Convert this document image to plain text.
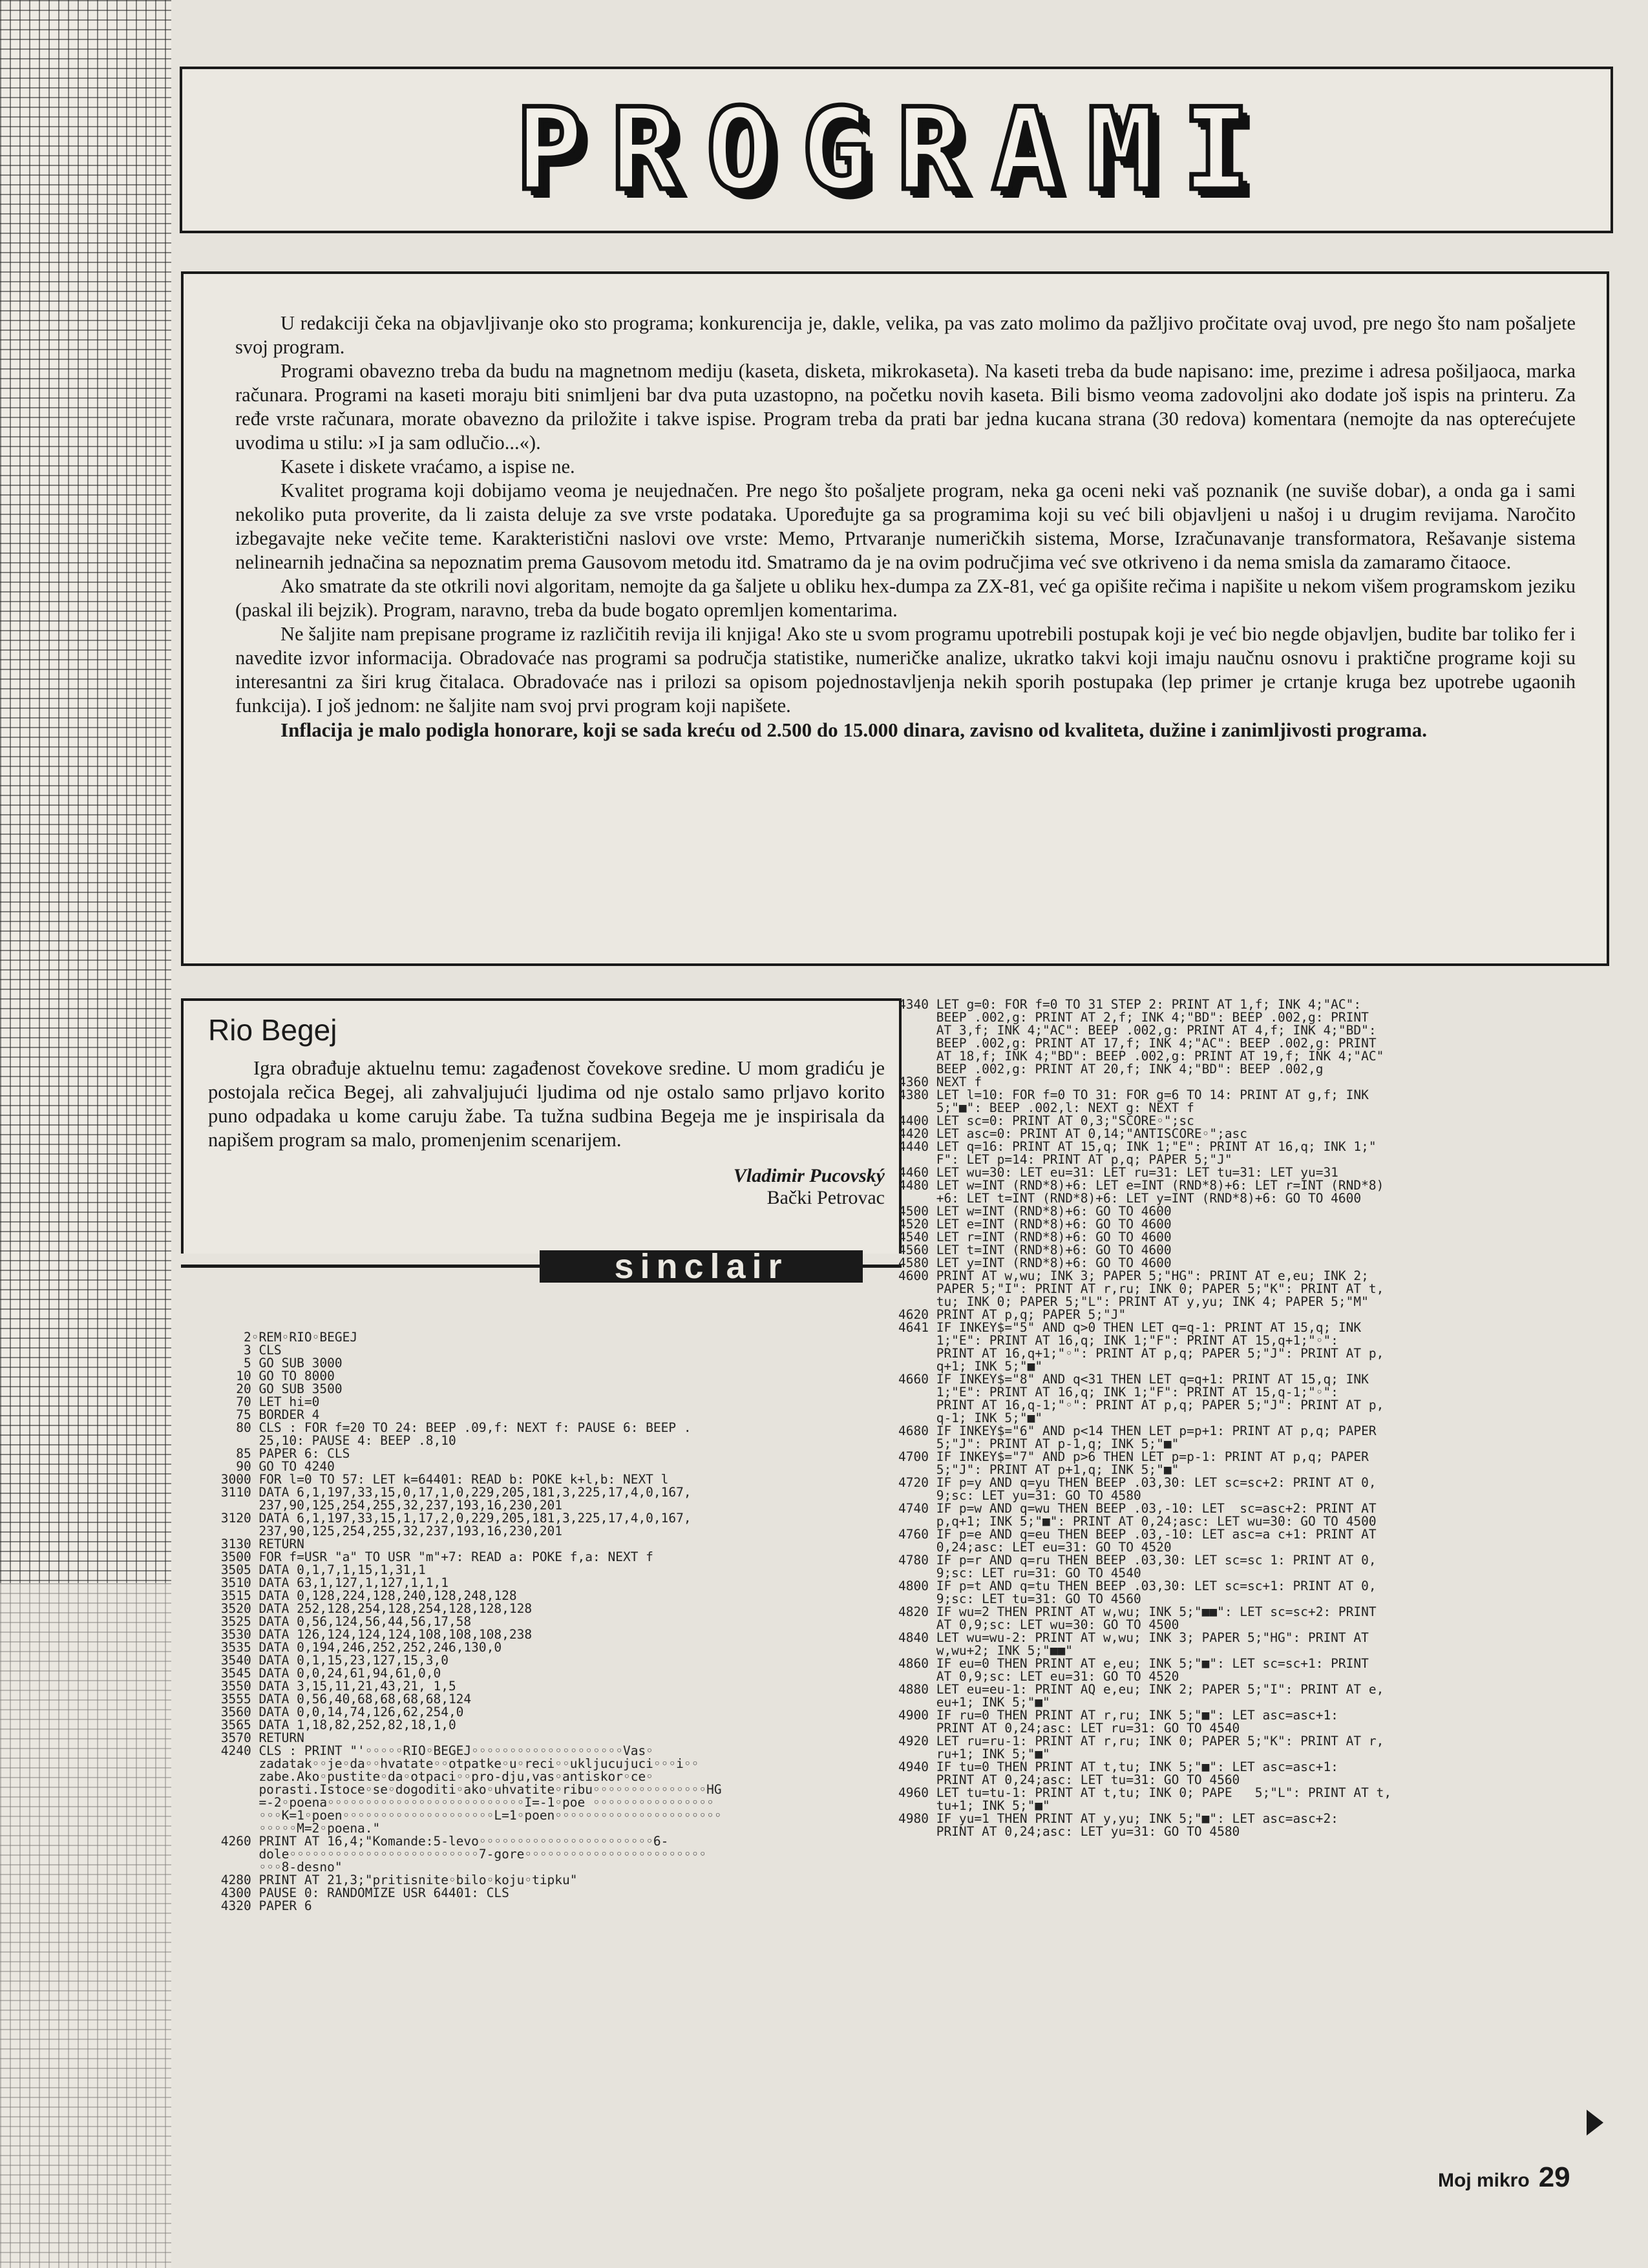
PROGRAMI

U redakciji čeka na objavljivanje oko sto programa; konkurencija je, dakle, velika, pa vas zato molimo da pažljivo pročitate ovaj uvod, pre nego što nam pošaljete svoj program.

Programi obavezno treba da budu na magnetnom mediju (kaseta, disketa, mikrokaseta). Na kaseti treba da bude napisano: ime, prezime i adresa pošiljaoca, marka računara. Programi na kaseti moraju biti snimljeni bar dva puta uzastopno, na početku novih kaseta. Bili bismo veoma zadovoljni ako dodate još ispis na printeru. Za ređe vrste računara, morate obavezno da priložite i takve ispise. Program treba da prati bar jedna kucana strana (30 redova) komentara (nemojte da nas opterećujete uvodima u stilu: »I ja sam odlučio...«).

Kasete i diskete vraćamo, a ispise ne.

Kvalitet programa koji dobijamo veoma je neujednačen. Pre nego što pošaljete program, neka ga oceni neki vaš poznanik (ne suviše dobar), a onda ga i sami nekoliko puta proverite, da li zaista deluje za sve vrste podataka. Upoređujte ga sa programima koji su već bili objavljeni u našoj i u drugim revijama. Naročito izbegavajte neke večite teme. Karakteristični naslovi ove vrste: Memo, Prtvaranje numeričkih sistema, Morse, Izračunavanje transformatora, Rešavanje sistema nelinearnih jednačina sa nepoznatim prema Gausovom metodu itd. Smatramo da je na ovim područjima već sve otkriveno i da nema smisla da zamaramo čitaoce.

Ako smatrate da ste otkrili novi algoritam, nemojte da ga šaljete u obliku hex-dumpa za ZX-81, već ga opišite rečima i napišite u nekom višem programskom jeziku (paskal ili bejzik). Program, naravno, treba da bude bogato opremljen komentarima.

Ne šaljite nam prepisane programe iz različitih revija ili knjiga! Ako ste u svom programu upotrebili postupak koji je već bio negde objavljen, budite bar toliko fer i navedite izvor informacija. Obradovaće nas programi sa područja statistike, numeričke analize, ukratko takvi koji imaju naučnu osnovu i praktične programe koji su interesantni za širi krug čitalaca. Obradovaće nas i prilozi sa opisom pojednostavljenja nekih sporih postupaka (lep primer je crtanje kruga bez upotrebe ugaonih funkcija). I još jednom: ne šaljite nam svoj prvi program koji napišete.

Inflacija je malo podigla honorare, koji se sada kreću od 2.500 do 15.000 dinara, zavisno od kvaliteta, dužine i zanimljivosti programa.

Rio Begej

Igra obrađuje aktuelnu temu: zagađenost čovekove sredine. U mom gradiću je postojala rečica Begej, ali zahvaljujući ljudima od nje ostalo samo prljavo korito puno odpadaka u kome caruju žabe. Ta tužna sudbina Begeja me je inspirisala da napišem program sa malo, promenjenim scenarijem.

Vladimir Pucovský
Bački Petrovac
sinclair
2◦REM◦RIO◦BEGEJ
3 CLS
5 GO SUB 3000
10 GO TO 8000
20 GO SUB 3500
70 LET hi=0
75 BORDER 4
80 CLS : FOR f=20 TO 24: BEEP .09,f: NEXT f: PAUSE 6: BEEP .
25,10: PAUSE 4: BEEP .8,10
85 PAPER 6: CLS
90 GO TO 4240
3000 FOR l=0 TO 57: LET k=64401: READ b: POKE k+l,b: NEXT l
3110 DATA 6,1,197,33,15,0,17,1,0,229,205,181,3,225,17,4,0,167,
237,90,125,254,255,32,237,193,16,230,201
3120 DATA 6,1,197,33,15,1,17,2,0,229,205,181,3,225,17,4,0,167,
237,90,125,254,255,32,237,193,16,230,201
3130 RETURN
3500 FOR f=USR "a" TO USR "m"+7: READ a: POKE f,a: NEXT f
3505 DATA 0,1,7,1,15,1,31,1
3510 DATA 63,1,127,1,127,1,1,1
3515 DATA 0,128,224,128,240,128,248,128
3520 DATA 252,128,254,128,254,128,128,128
3525 DATA 0,56,124,56,44,56,17,58
3530 DATA 126,124,124,124,108,108,108,238
3535 DATA 0,194,246,252,252,246,130,0
3540 DATA 0,1,15,23,127,15,3,0
3545 DATA 0,0,24,61,94,61,0,0
3550 DATA 3,15,11,21,43,21, 1,5
3555 DATA 0,56,40,68,68,68,68,124
3560 DATA 0,0,14,74,126,62,254,0
3565 DATA 1,18,82,252,82,18,1,0
3570 RETURN
4240 CLS : PRINT "'◦◦◦◦◦RIO◦BEGEJ◦◦◦◦◦◦◦◦◦◦◦◦◦◦◦◦◦◦◦◦Vas◦
zadatak◦◦je◦da◦◦hvatate◦◦otpatke◦u◦reci◦◦ukljucujuci◦◦◦i◦◦
zabe.Ako◦pustite◦da◦otpaci◦◦pro-dju,vas◦antiskor◦ce◦
porasti.Istoce◦se◦dogoditi◦ako◦uhvatite◦ribu◦◦◦◦◦◦◦◦◦◦◦◦◦◦◦HG
=-2◦poena◦◦◦◦◦◦◦◦◦◦◦◦◦◦◦◦◦◦◦◦◦◦◦◦◦◦I=-1◦poe ◦◦◦◦◦◦◦◦◦◦◦◦◦◦◦◦
◦◦◦K=1◦poen◦◦◦◦◦◦◦◦◦◦◦◦◦◦◦◦◦◦◦◦L=1◦poen◦◦◦◦◦◦◦◦◦◦◦◦◦◦◦◦◦◦◦◦◦◦
◦◦◦◦◦M=2◦poena."
4260 PRINT AT 16,4;"Komande:5-levo◦◦◦◦◦◦◦◦◦◦◦◦◦◦◦◦◦◦◦◦◦◦◦6-
dole◦◦◦◦◦◦◦◦◦◦◦◦◦◦◦◦◦◦◦◦◦◦◦◦◦7-gore◦◦◦◦◦◦◦◦◦◦◦◦◦◦◦◦◦◦◦◦◦◦◦◦
◦◦◦8-desno"
4280 PRINT AT 21,3;"pritisnite◦bilo◦koju◦tipku"
4300 PAUSE 0: RANDOMIZE USR 64401: CLS
4320 PAPER 6
4340 LET g=0: FOR f=0 TO 31 STEP 2: PRINT AT 1,f; INK 4;"AC":
BEEP .002,g: PRINT AT 2,f; INK 4;"BD": BEEP .002,g: PRINT
AT 3,f; INK 4;"AC": BEEP .002,g: PRINT AT 4,f; INK 4;"BD":
BEEP .002,g: PRINT AT 17,f; INK 4;"AC": BEEP .002,g: PRINT
AT 18,f; INK 4;"BD": BEEP .002,g: PRINT AT 19,f; INK 4;"AC"
BEEP .002,g: PRINT AT 20,f; INK 4;"BD": BEEP .002,g
4360 NEXT f
4380 LET l=10: FOR f=0 TO 31: FOR g=6 TO 14: PRINT AT g,f; INK
5;"■": BEEP .002,l: NEXT g: NEXT f
4400 LET sc=0: PRINT AT 0,3;"SCORE◦";sc
4420 LET asc=0: PRINT AT 0,14;"ANTISCORE◦";asc
4440 LET q=16: PRINT AT 15,q; INK 1;"E": PRINT AT 16,q; INK 1;"
F": LET p=14: PRINT AT p,q; PAPER 5;"J"
4460 LET wu=30: LET eu=31: LET ru=31: LET tu=31: LET yu=31
4480 LET w=INT (RND*8)+6: LET e=INT (RND*8)+6: LET r=INT (RND*8)
+6: LET t=INT (RND*8)+6: LET y=INT (RND*8)+6: GO TO 4600
4500 LET w=INT (RND*8)+6: GO TO 4600
4520 LET e=INT (RND*8)+6: GO TO 4600
4540 LET r=INT (RND*8)+6: GO TO 4600
4560 LET t=INT (RND*8)+6: GO TO 4600
4580 LET y=INT (RND*8)+6: GO TO 4600
4600 PRINT AT w,wu; INK 3; PAPER 5;"HG": PRINT AT e,eu; INK 2;
PAPER 5;"I": PRINT AT r,ru; INK 0; PAPER 5;"K": PRINT AT t,
tu; INK 0; PAPER 5;"L": PRINT AT y,yu; INK 4; PAPER 5;"M"
4620 PRINT AT p,q; PAPER 5;"J"
4641 IF INKEY$="5" AND q>0 THEN LET q=q-1: PRINT AT 15,q; INK
1;"E": PRINT AT 16,q; INK 1;"F": PRINT AT 15,q+1;"◦":
PRINT AT 16,q+1;"◦": PRINT AT p,q; PAPER 5;"J": PRINT AT p,
q+1; INK 5;"■"
4660 IF INKEY$="8" AND q<31 THEN LET q=q+1: PRINT AT 15,q; INK
1;"E": PRINT AT 16,q; INK 1;"F": PRINT AT 15,q-1;"◦":
PRINT AT 16,q-1;"◦": PRINT AT p,q; PAPER 5;"J": PRINT AT p,
q-1; INK 5;"■"
4680 IF INKEY$="6" AND p<14 THEN LET p=p+1: PRINT AT p,q; PAPER
5;"J": PRINT AT p-1,q; INK 5;"■"
4700 IF INKEY$="7" AND p>6 THEN LET p=p-1: PRINT AT p,q; PAPER
5;"J": PRINT AT p+1,q; INK 5;"■"
4720 IF p=y AND q=yu THEN BEEP .03,30: LET sc=sc+2: PRINT AT 0,
9;sc: LET yu=31: GO TO 4580
4740 IF p=w AND q=wu THEN BEEP .03,-10: LET  sc=asc+2: PRINT AT
p,q+1; INK 5;"■": PRINT AT 0,24;asc: LET wu=30: GO TO 4500
4760 IF p=e AND q=eu THEN BEEP .03,-10: LET asc=a c+1: PRINT AT
0,24;asc: LET eu=31: GO TO 4520
4780 IF p=r AND q=ru THEN BEEP .03,30: LET sc=sc 1: PRINT AT 0,
9;sc: LET ru=31: GO TO 4540
4800 IF p=t AND q=tu THEN BEEP .03,30: LET sc=sc+1: PRINT AT 0,
9;sc: LET tu=31: GO TO 4560
4820 IF wu=2 THEN PRINT AT w,wu; INK 5;"■■": LET sc=sc+2: PRINT
AT 0,9;sc: LET wu=30: GO TO 4500
4840 LET wu=wu-2: PRINT AT w,wu; INK 3; PAPER 5;"HG": PRINT AT
w,wu+2; INK 5;"■■"
4860 IF eu=0 THEN PRINT AT e,eu; INK 5;"■": LET sc=sc+1: PRINT
AT 0,9;sc: LET eu=31: GO TO 4520
4880 LET eu=eu-1: PRINT AQ e,eu; INK 2; PAPER 5;"I": PRINT AT e,
eu+1; INK 5;"■"
4900 IF ru=0 THEN PRINT AT r,ru; INK 5;"■": LET asc=asc+1:
PRINT AT 0,24;asc: LET ru=31: GO TO 4540
4920 LET ru=ru-1: PRINT AT r,ru; INK 0; PAPER 5;"K": PRINT AT r,
ru+1; INK 5;"■"
4940 IF tu=0 THEN PRINT AT t,tu; INK 5;"■": LET asc=asc+1:
PRINT AT 0,24;asc: LET tu=31: GO TO 4560
4960 LET tu=tu-1: PRINT AT t,tu; INK 0; PAPE   5;"L": PRINT AT t,
tu+1; INK 5;"■"
4980 IF yu=1 THEN PRINT AT y,yu; INK 5;"■": LET asc=asc+2:
PRINT AT 0,24;asc: LET yu=31: GO TO 4580
Moj mikro 29
